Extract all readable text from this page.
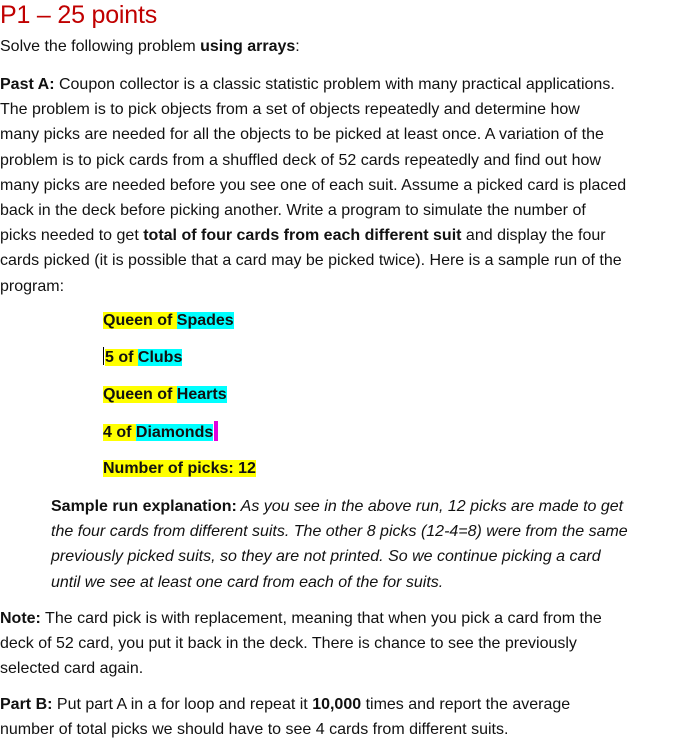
P1 – 25 points
Solve the following problem using arrays:
Past A: Coupon collector is a classic statistic problem with many practical applications.
The problem is to pick objects from a set of objects repeatedly and determine how
many picks are needed for all the objects to be picked at least once. A variation of the
problem is to pick cards from a shuffled deck of 52 cards repeatedly and find out how
many picks are needed before you see one of each suit. Assume a picked card is placed
back in the deck before picking another. Write a program to simulate the number of
picks needed to get total of four cards from each different suit and display the four
cards picked (it is possible that a card may be picked twice). Here is a sample run of the
program:
Queen of Spades
5 of Clubs
Queen of Hearts
4 of Diamonds
Number of picks: 12
Sample run explanation: As you see in the above run, 12 picks are made to get
the four cards from different suits. The other 8 picks (12-4=8) were from the same
previously picked suits, so they are not printed. So we continue picking a card
until we see at least one card from each of the for suits.
Note: The card pick is with replacement, meaning that when you pick a card from the
deck of 52 card, you put it back in the deck. There is chance to see the previously
selected card again.
Part B: Put part A in a for loop and repeat it 10,000 times and report the average
number of total picks we should have to see 4 cards from different suits.
